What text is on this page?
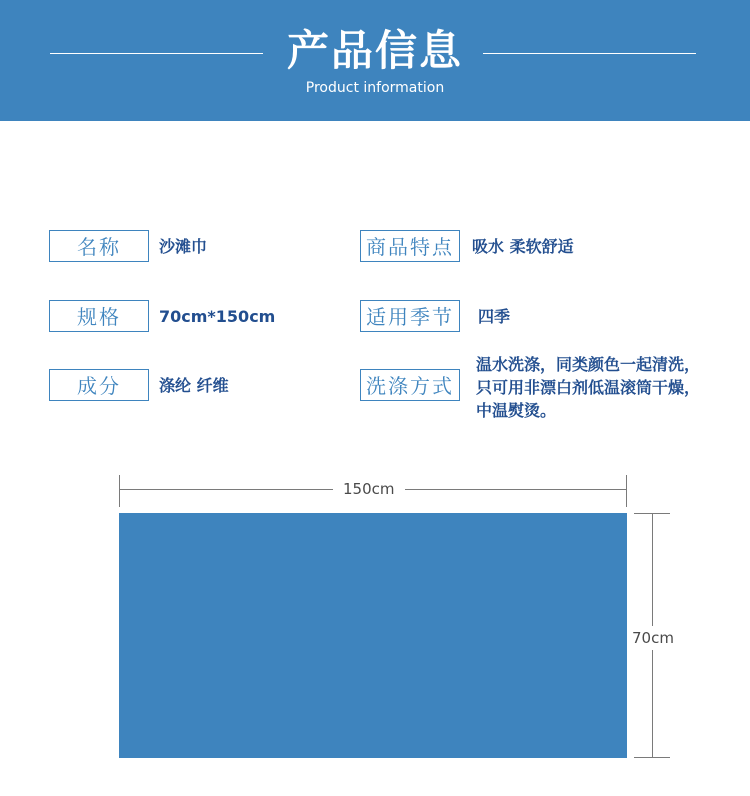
产品信息
Product information
名称	沙滩巾	商品特点	吸水 柔软舒适
规格	70cm*150cm	适用季节	四季
成分	涤纶 纤维	洗涤方式
温水洗涤，同类颜色一起清洗，
只可用非漂白剂低温滚筒干燥，
中温熨烫。
150cm
70cm
